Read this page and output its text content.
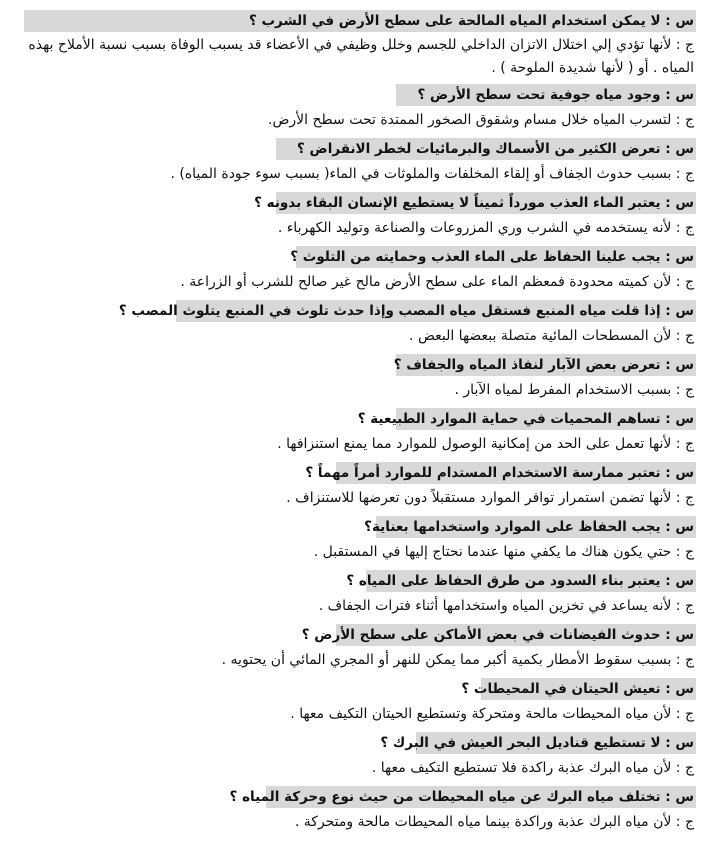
س : لا يمكن استخدام المياه المالحة على سطح الأرض في الشرب ؟
ج : لأنها تؤدي إلي اختلال الاتزان الداخلي للجسم وخلل وظيفي في الأعضاء قد يسبب الوفاة بسبب نسبة الأملاح بهذه المياه . أو ( لأنها شديدة الملوحة ) .
س : وجود مياه جوفية تحت سطح الأرض ؟
ج : لتسرب المياه خلال مسام وشقوق الصخور الممتدة تحت سطح الأرض.
س : تعرض الكثير من الأسماك والبرمائيات لخطر الانقراض ؟
ج : بسبب حدوث الجفاف أو إلقاء المخلفات والملوثات في الماء( بسبب سوء جودة المياه) .
س : يعتبر الماء العذب مورداً ثميناً لا يستطيع الإنسان البقاء بدونه ؟
ج : لأنه يستخدمه في الشرب وري المزروعات والصناعة وتوليد الكهرباء .
س : يجب علينا الحفاظ على الماء العذب وحمايته من التلوث ؟
ج : لأن كميته محدودة فمعظم الماء على سطح الأرض مالح غير صالح للشرب أو الزراعة .
س : إذا قلت مياه المنبع فستقل مياه المصب وإذا حدث تلوث في المنبع يتلوث المصب ؟
ج : لأن المسطحات المائية متصلة ببعضها البعض .
س : تعرض بعض الآبار لنفاذ المياه والجفاف ؟
ج : بسبب الاستخدام المفرط لمياه الآبار .
س : تساهم المحميات في حماية الموارد الطبيعية ؟
ج : لأنها تعمل على الحد من إمكانية الوصول للموارد مما يمنع استنزافها .
س : تعتبر ممارسة الاستخدام المستدام للموارد أمراً مهماً ؟
ج : لأنها تضمن استمرار توافر الموارد مستقبلاً دون تعرضها للاستنزاف .
س : يجب الحفاظ على الموارد واستخدامها بعناية؟
ج : حتي يكون هناك ما يكفي منها عندما نحتاج إليها في المستقبل .
س : يعتبر بناء السدود من طرق الحفاظ على المياه ؟
ج : لأنه يساعد في تخزين المياه واستخدامها أثناء فترات الجفاف .
س : حدوث الفيضانات في بعض الأماكن على سطح الأرض ؟
ج : بسبب سقوط الأمطار بكمية أكبر مما يمكن للنهر أو المجري المائي أن يحتويه .
س : تعيش الحيتان في المحيطات ؟
ج : لأن مياه المحيطات مالحة ومتحركة وتستطيع الحيتان التكيف معها .
س : لا تستطيع قناديل البحر العيش في البرك ؟
ج : لأن مياه البرك عذبة راكدة فلا تستطيع التكيف معها .
س : تختلف مياه البرك عن مياه المحيطات من حيث نوع وحركة المياه ؟
ج : لأن مياه البرك عذبة وراكدة بينما مياه المحيطات مالحة ومتحركة .
